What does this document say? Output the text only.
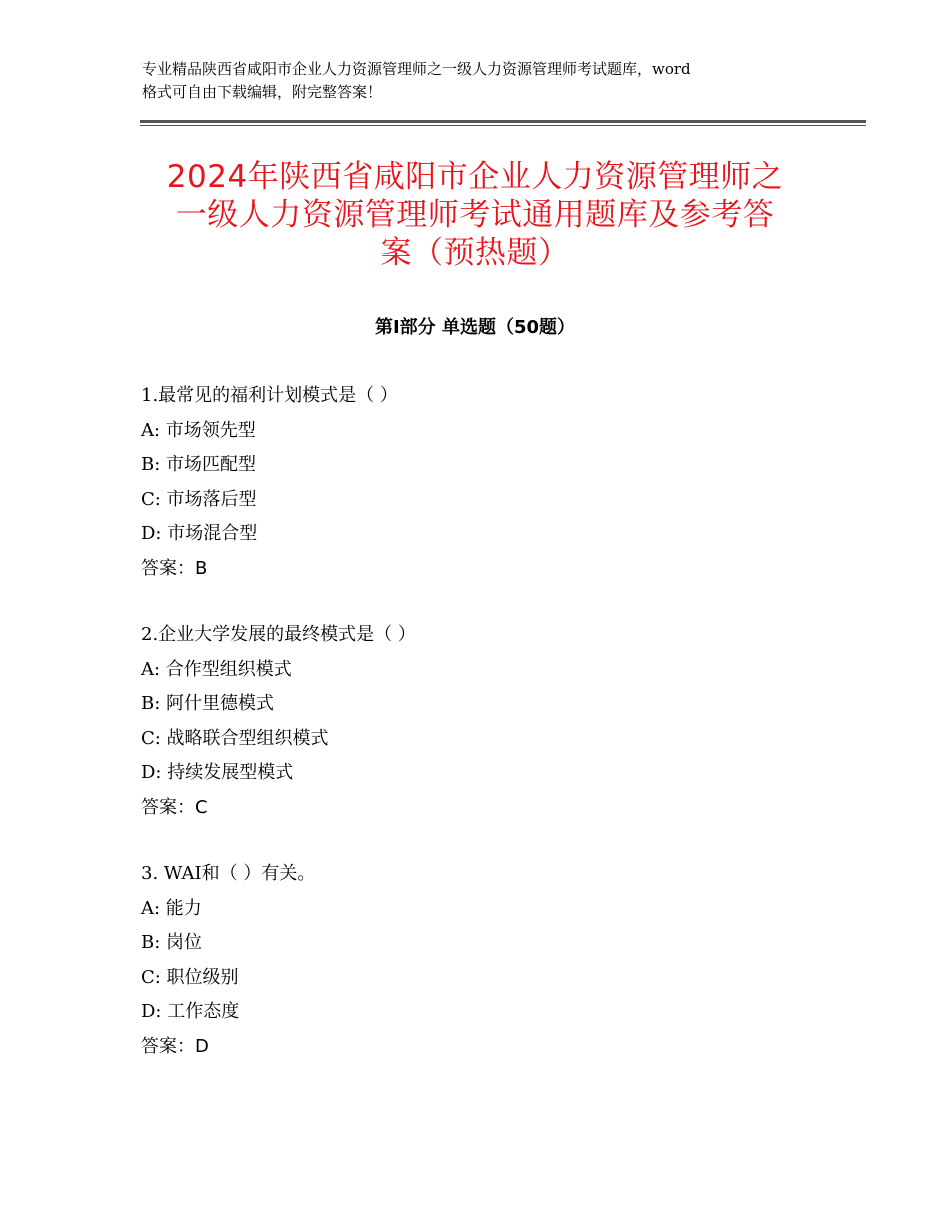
专业精品陕西省咸阳市企业人力资源管理师之一级人力资源管理师考试题库，word
格式可自由下载编辑，附完整答案！
2024年陕西省咸阳市企业人力资源管理师之
一级人力资源管理师考试通用题库及参考答
案（预热题）
第Ⅰ部分 单选题（50题）
1.最常见的福利计划模式是（ ）
A: 市场领先型
B: 市场匹配型
C: 市场落后型
D: 市场混合型
答案：B
2.企业大学发展的最终模式是（ ）
A: 合作型组织模式
B: 阿什里德模式
C: 战略联合型组织模式
D: 持续发展型模式
答案：C
3. WAI和（ ）有关。
A: 能力
B: 岗位
C: 职位级别
D: 工作态度
答案：D
